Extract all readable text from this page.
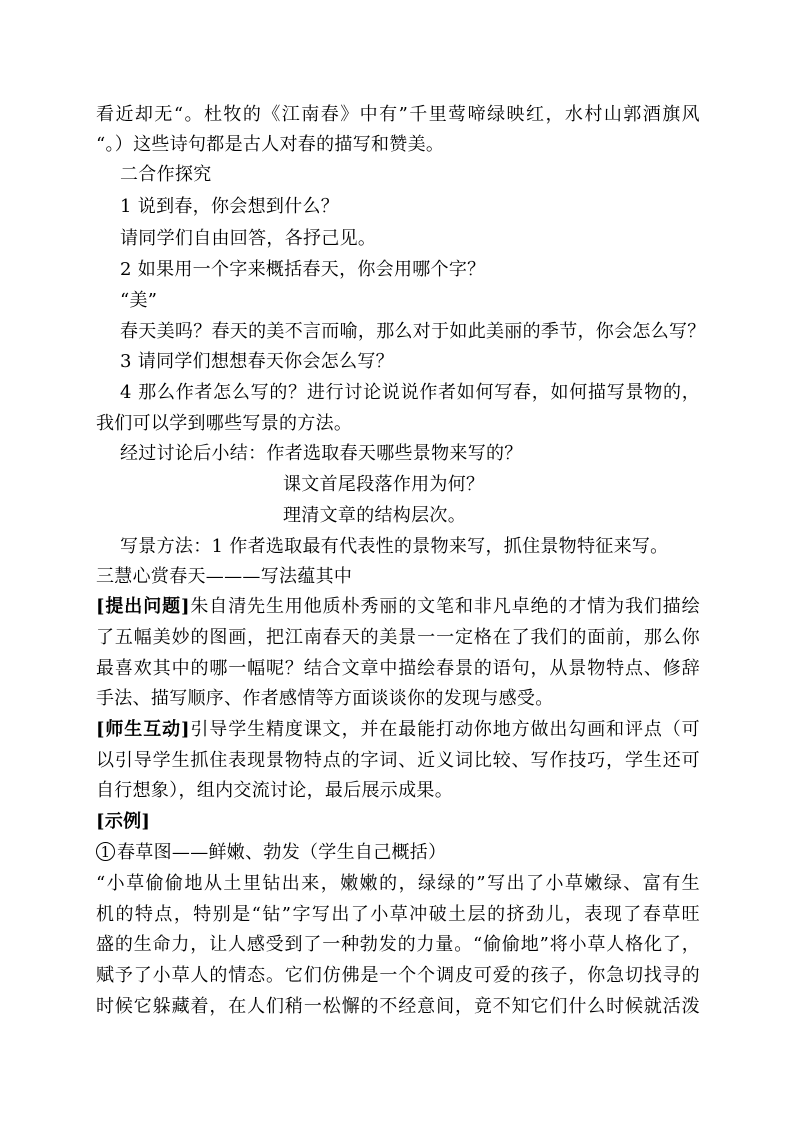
看近却无“。杜牧的《江南春》中有”千里莺啼绿映红，水村山郭酒旗风
“。）这些诗句都是古人对春的描写和赞美。
二合作探究
1 说到春，你会想到什么？
请同学们自由回答，各抒己见。
2 如果用一个字来概括春天，你会用哪个字？
“美”
春天美吗？春天的美不言而喻，那么对于如此美丽的季节，你会怎么写？
3 请同学们想想春天你会怎么写？
4 那么作者怎么写的？进行讨论说说作者如何写春，如何描写景物的，
我们可以学到哪些写景的方法。
经过讨论后小结：作者选取春天哪些景物来写的？
课文首尾段落作用为何？
理清文章的结构层次。
写景方法：1 作者选取最有代表性的景物来写，抓住景物特征来写。
三慧心赏春天———写法蕴其中
[提出问题]朱自清先生用他质朴秀丽的文笔和非凡卓绝的才情为我们描绘
了五幅美妙的图画，把江南春天的美景一一定格在了我们的面前，那么你
最喜欢其中的哪一幅呢？结合文章中描绘春景的语句，从景物特点、修辞
手法、描写顺序、作者感情等方面谈谈你的发现与感受。
[师生互动]引导学生精度课文，并在最能打动你地方做出勾画和评点（可
以引导学生抓住表现景物特点的字词、近义词比较、写作技巧，学生还可
自行想象），组内交流讨论，最后展示成果。
[示例]
1 春草图——鲜嫩、勃发（学生自己概括）
“小草偷偷地从土里钻出来，嫩嫩的，绿绿的”写出了小草嫩绿、富有生
机的特点，特别是“钻”字写出了小草冲破土层的挤劲儿，表现了春草旺
盛的生命力，让人感受到了一种勃发的力量。“偷偷地”将小草人格化了，
赋予了小草人的情态。它们仿佛是一个个调皮可爱的孩子，你急切找寻的
时候它躲藏着，在人们稍一松懈的不经意间，竟不知它们什么时候就活泼
